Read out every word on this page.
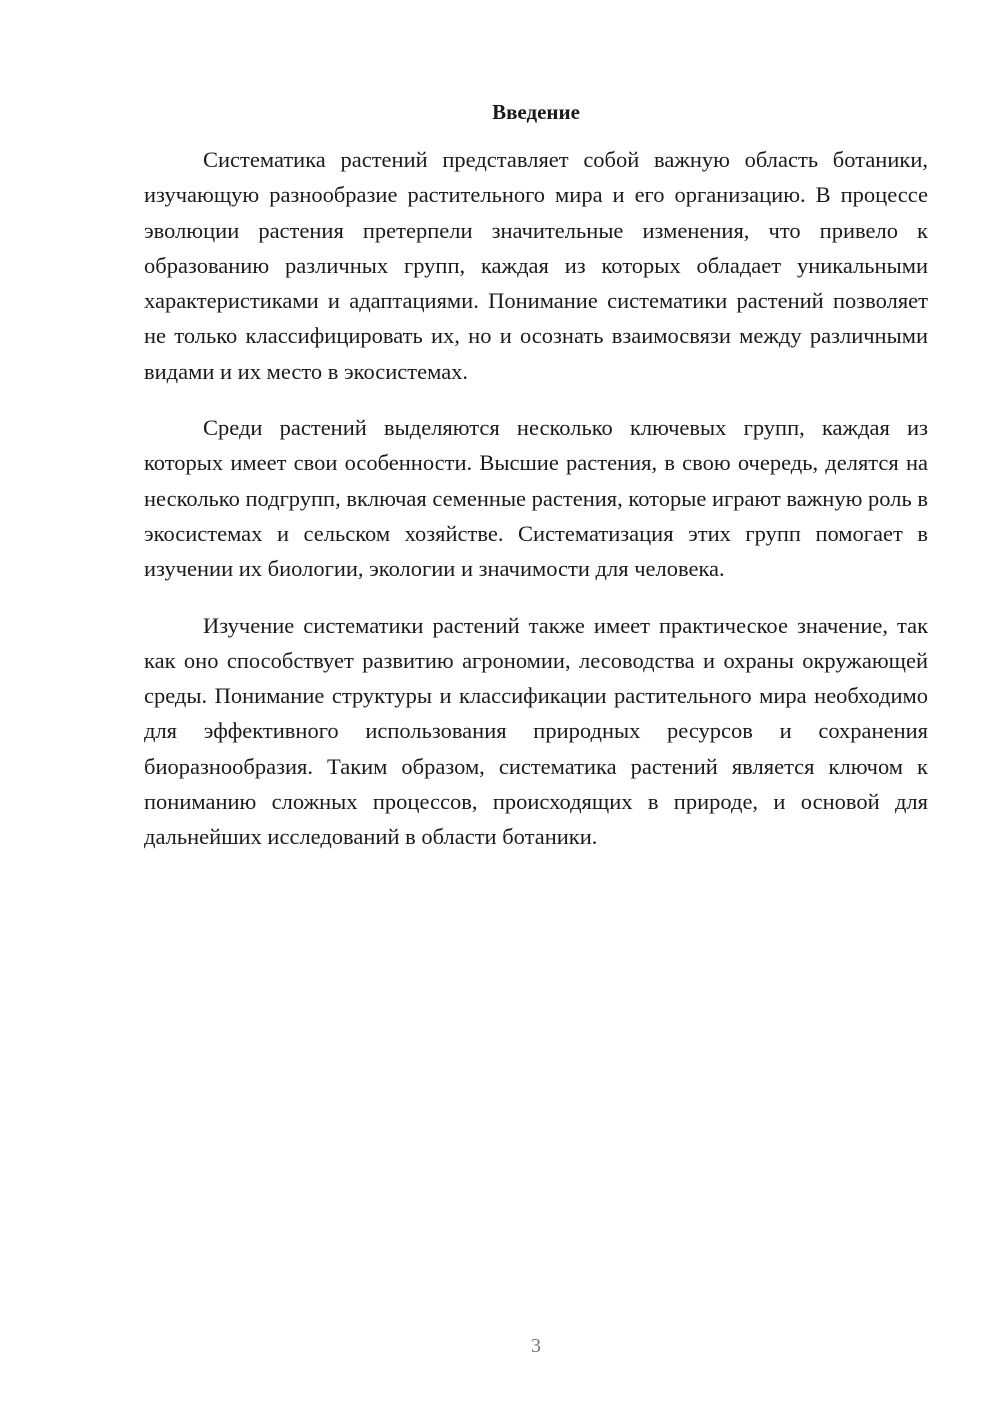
Введение

Систематика растений представляет собой важную область ботаники, изучающую разнообразие растительного мира и его организацию. В процессе эволюции растения претерпели значительные изменения, что привело к образованию различных групп, каждая из которых обладает уникальными характеристиками и адаптациями. Понимание систематики растений позволяет не только классифицировать их, но и осознать взаимосвязи между различными видами и их место в экосистемах.

Среди растений выделяются несколько ключевых групп, каждая из которых имеет свои особенности. Высшие растения, в свою очередь, делятся на несколько подгрупп, включая семенные растения, которые играют важную роль в экосистемах и сельском хозяйстве. Систематизация этих групп помогает в изучении их биологии, экологии и значимости для человека.

Изучение систематики растений также имеет практическое значение, так как оно способствует развитию агрономии, лесоводства и охраны окружающей среды. Понимание структуры и классификации растительного мира необходимо для эффективного использования природных ресурсов и сохранения биоразнообразия. Таким образом, систематика растений является ключом к пониманию сложных процессов, происходящих в природе, и основой для дальнейших исследований в области ботаники.

3
